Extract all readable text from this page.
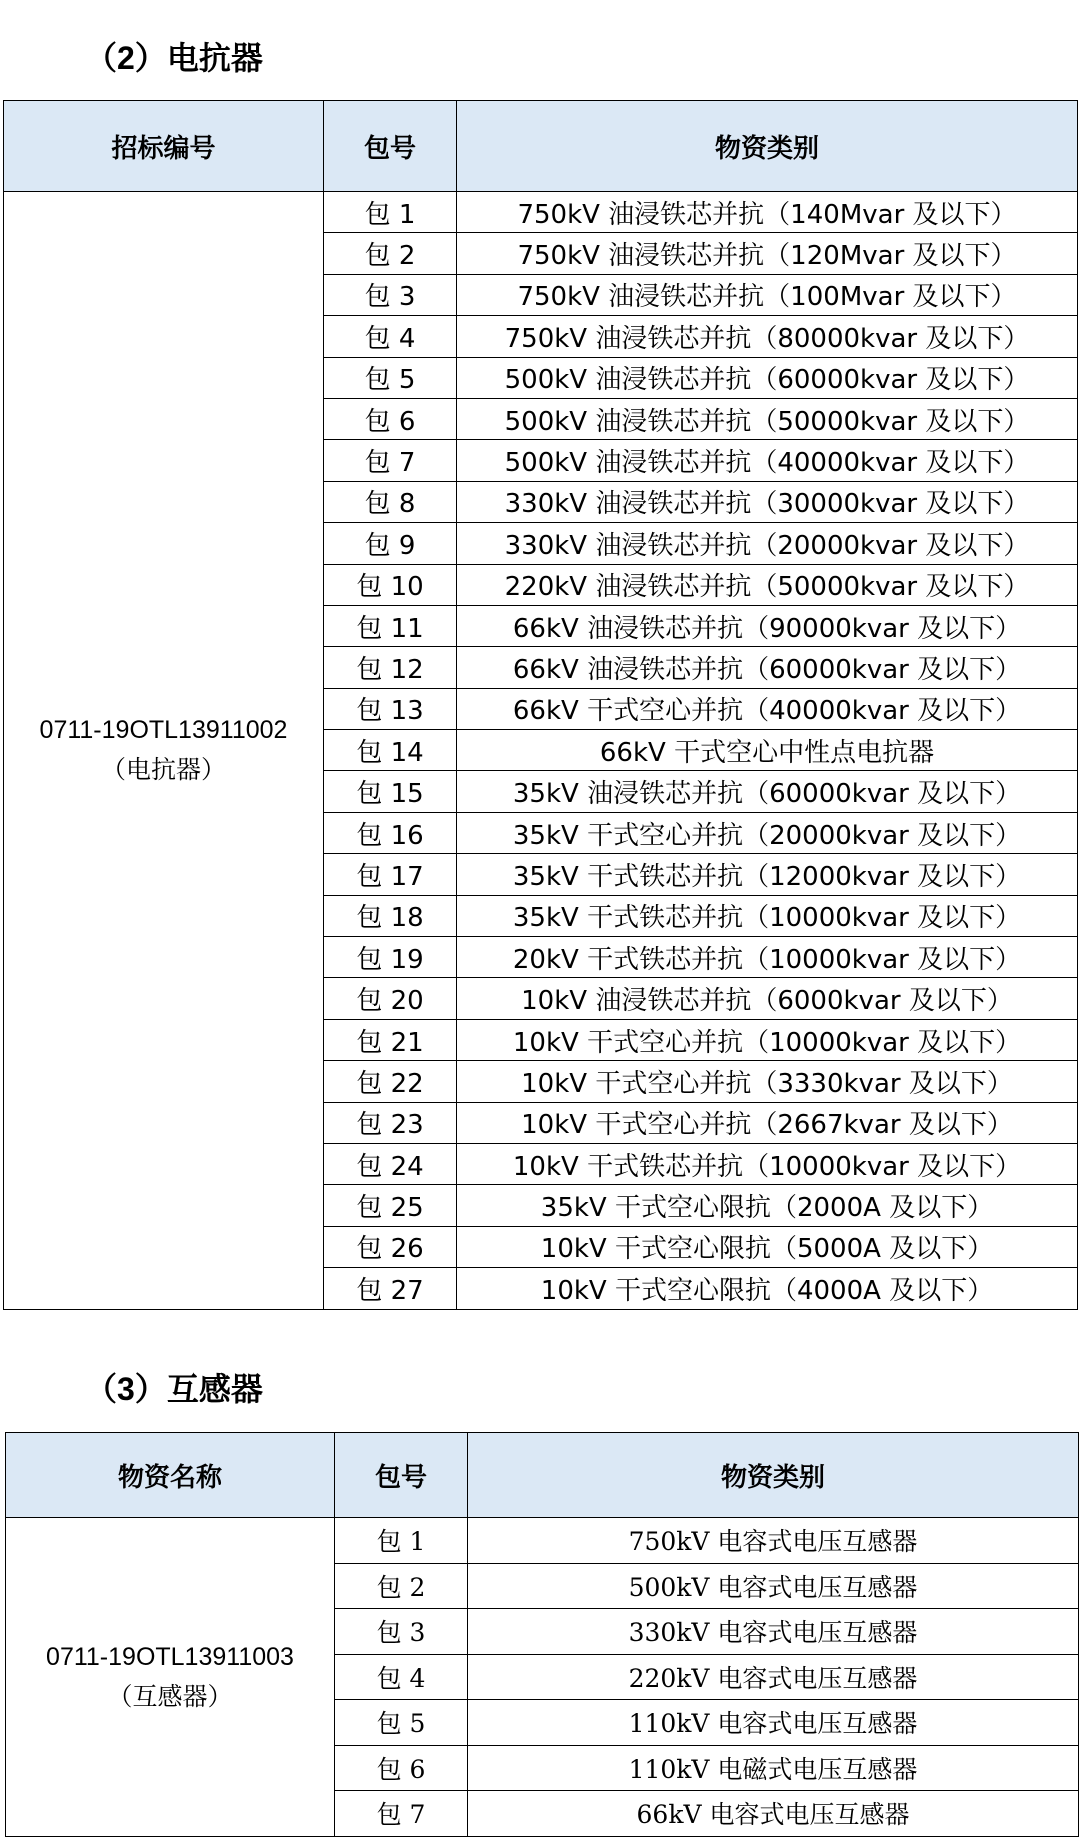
（2）电抗器
招标编号	包号	物资类别

0711-19OTL13911002
（电抗器）	包 1	750kV 油浸铁芯并抗（140Mvar 及以下）
	包 2	750kV 油浸铁芯并抗（120Mvar 及以下）
	包 3	750kV 油浸铁芯并抗（100Mvar 及以下）
	包 4	750kV 油浸铁芯并抗（80000kvar 及以下）
	包 5	500kV 油浸铁芯并抗（60000kvar 及以下）
	包 6	500kV 油浸铁芯并抗（50000kvar 及以下）
	包 7	500kV 油浸铁芯并抗（40000kvar 及以下）
	包 8	330kV 油浸铁芯并抗（30000kvar 及以下）
	包 9	330kV 油浸铁芯并抗（20000kvar 及以下）
	包 10	220kV 油浸铁芯并抗（50000kvar 及以下）
	包 11	66kV 油浸铁芯并抗（90000kvar 及以下）
	包 12	66kV 油浸铁芯并抗（60000kvar 及以下）
	包 13	66kV 干式空心并抗（40000kvar 及以下）
	包 14	66kV 干式空心中性点电抗器
	包 15	35kV 油浸铁芯并抗（60000kvar 及以下）
	包 16	35kV 干式空心并抗（20000kvar 及以下）
	包 17	35kV 干式铁芯并抗（12000kvar 及以下）
	包 18	35kV 干式铁芯并抗（10000kvar 及以下）
	包 19	20kV 干式铁芯并抗（10000kvar 及以下）
	包 20	10kV 油浸铁芯并抗（6000kvar 及以下）
	包 21	10kV 干式空心并抗（10000kvar 及以下）
	包 22	10kV 干式空心并抗（3330kvar 及以下）
	包 23	10kV 干式空心并抗（2667kvar 及以下）
	包 24	10kV 干式铁芯并抗（10000kvar 及以下）
	包 25	35kV 干式空心限抗（2000A 及以下）
	包 26	10kV 干式空心限抗（5000A 及以下）
	包 27	10kV 干式空心限抗（4000A 及以下）
（3）互感器
物资名称	包号	物资类别

0711-19OTL13911003
（互感器）	包 1	750kV 电容式电压互感器
	包 2	500kV 电容式电压互感器
	包 3	330kV 电容式电压互感器
	包 4	220kV 电容式电压互感器
	包 5	110kV 电容式电压互感器
	包 6	110kV 电磁式电压互感器
	包 7	66kV 电容式电压互感器
